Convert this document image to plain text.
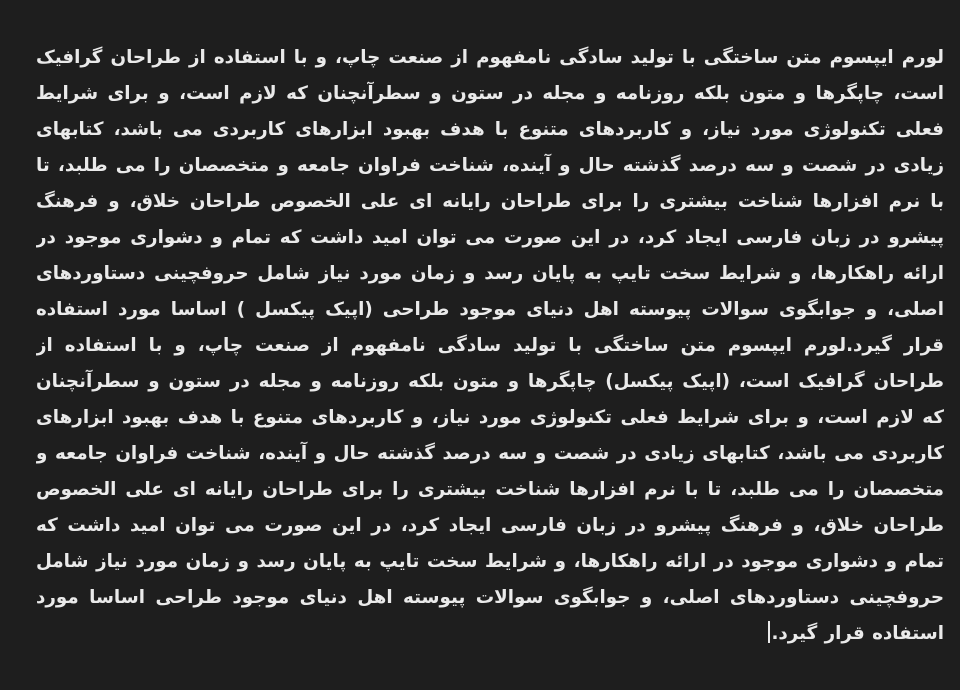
لورم ایپسوم متن ساختگی با تولید سادگی نامفهوم از صنعت چاپ، و با استفاده از طراحان گرافیک است، چاپگرها و متون بلکه روزنامه و مجله در ستون و سطرآنچنان که لازم است، و برای شرایط فعلی تکنولوژی مورد نیاز، و کاربردهای متنوع با هدف بهبود ابزارهای کاربردی می باشد، کتابهای زیادی در شصت و سه درصد گذشته حال و آینده، شناخت فراوان جامعه و متخصصان را می طلبد، تا با نرم افزارها شناخت بیشتری را برای طراحان رایانه ای علی الخصوص طراحان خلاق، و فرهنگ پیشرو در زبان فارسی ایجاد کرد، در این صورت می توان امید داشت که تمام و دشواری موجود در ارائه راهکارها، و شرایط سخت تایپ به پایان رسد و زمان مورد نیاز شامل حروفچینی دستاوردهای اصلی، و جوابگوی سوالات پیوسته اهل دنیای موجود طراحی (اپیک پیکسل ) اساسا مورد استفاده قرار گیرد.لورم ایپسوم متن ساختگی با تولید سادگی نامفهوم از صنعت چاپ، و با استفاده از طراحان گرافیک است، (اپیک پیکسل) چاپگرها و متون بلکه روزنامه و مجله در ستون و سطرآنچنان که لازم است، و برای شرایط فعلی تکنولوژی مورد نیاز، و کاربردهای متنوع با هدف بهبود ابزارهای کاربردی می باشد، کتابهای زیادی در شصت و سه درصد گذشته حال و آینده، شناخت فراوان جامعه و متخصصان را می طلبد، تا با نرم افزارها شناخت بیشتری را برای طراحان رایانه ای علی الخصوص طراحان خلاق، و فرهنگ پیشرو در زبان فارسی ایجاد کرد، در این صورت می توان امید داشت که تمام و دشواری موجود در ارائه راهکارها، و شرایط سخت تایپ به پایان رسد و زمان مورد نیاز شامل حروفچینی دستاوردهای اصلی، و جوابگوی سوالات پیوسته اهل دنیای موجود طراحی اساسا مورد استفاده قرار گیرد.
